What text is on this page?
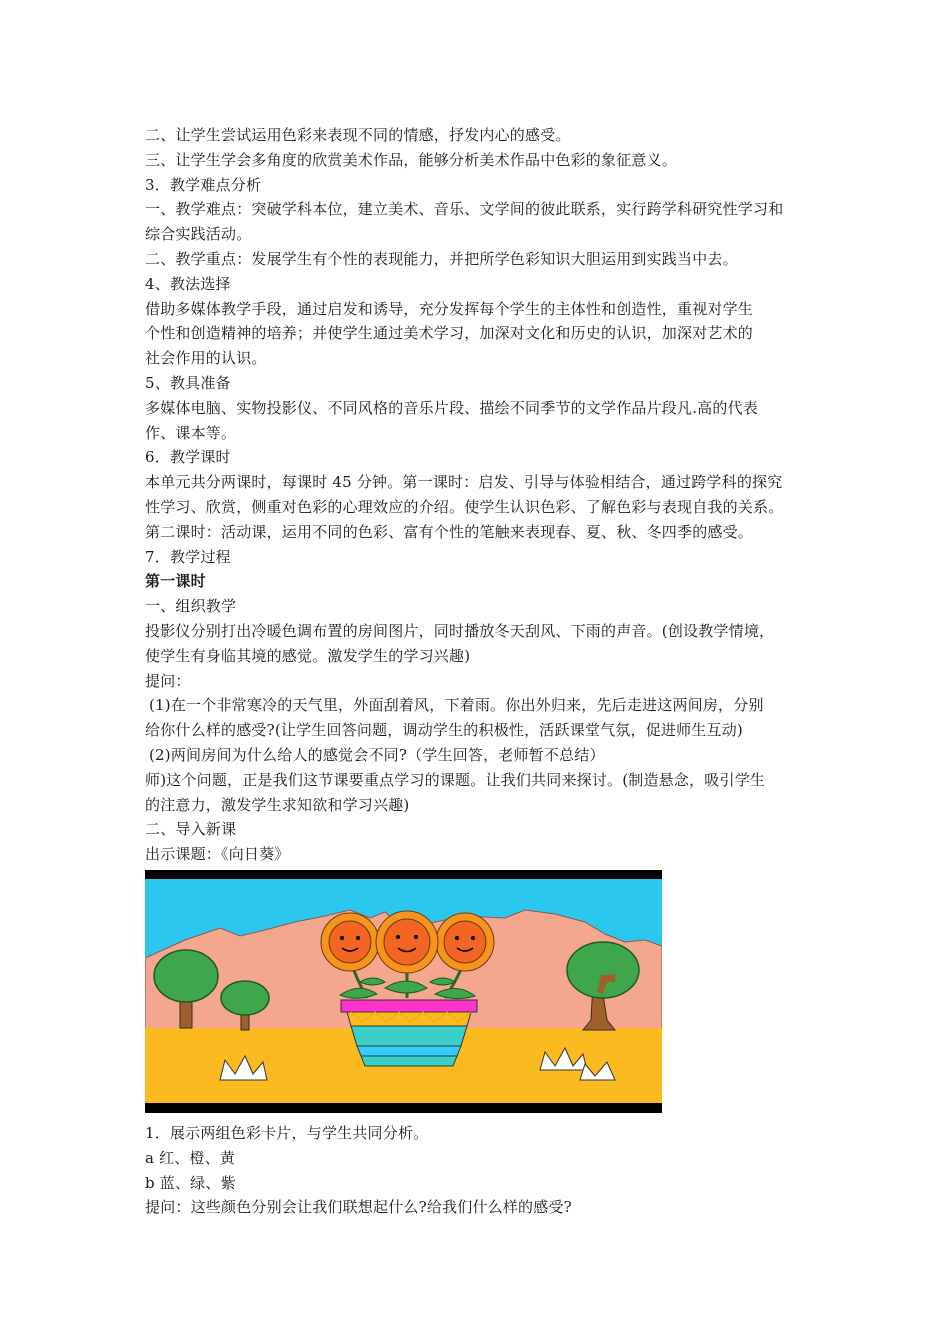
二、让学生尝试运用色彩来表现不同的情感，抒发内心的感受。
三、让学生学会多角度的欣赏美术作品，能够分析美术作品中色彩的象征意义。
3．教学难点分析
一、教学难点：突破学科本位，建立美术、音乐、文学间的彼此联系，实行跨学科研究性学习和
综合实践活动。
二、教学重点：发展学生有个性的表现能力，并把所学色彩知识大胆运用到实践当中去。
4、教法选择
借助多媒体教学手段，通过启发和诱导，充分发挥每个学生的主体性和创造性，重视对学生
个性和创造精神的培养；并使学生通过美术学习，加深对文化和历史的认识，加深对艺术的
社会作用的认识。
5、教具准备
多媒体电脑、实物投影仪、不同风格的音乐片段、描绘不同季节的文学作品片段凡.高的代表
作、课本等。
6．教学课时
本单元共分两课时，每课时 45 分钟。第一课时：启发、引导与体验相结合，通过跨学科的探究
性学习、欣赏，侧重对色彩的心理效应的介绍。使学生认识色彩、了解色彩与表现自我的关系。
第二课时：活动课，运用不同的色彩、富有个性的笔触来表现春、夏、秋、冬四季的感受。
7．教学过程
第一课时
一、组织教学
投影仪分别打出冷暖色调布置的房间图片，同时播放冬天刮风、下雨的声音。(创设教学情境，
使学生有身临其境的感觉。激发学生的学习兴趣)
提问：
(1)在一个非常寒冷的天气里，外面刮着风，下着雨。你出外归来，先后走进这两间房，分别
给你什么样的感受?(让学生回答问题，调动学生的积极性，活跃课堂气氛，促进师生互动)
(2)两间房间为什么给人的感觉会不同?（学生回答，老师暂不总结）
师)这个问题，正是我们这节课要重点学习的课题。让我们共同来探讨。(制造悬念，吸引学生
的注意力，激发学生求知欲和学习兴趣)
二、导入新课
出示课题：《向日葵》
1．展示两组色彩卡片，与学生共同分析。
a 红、橙、黄
b 蓝、绿、紫
提问：这些颜色分别会让我们联想起什么?给我们什么样的感受?
